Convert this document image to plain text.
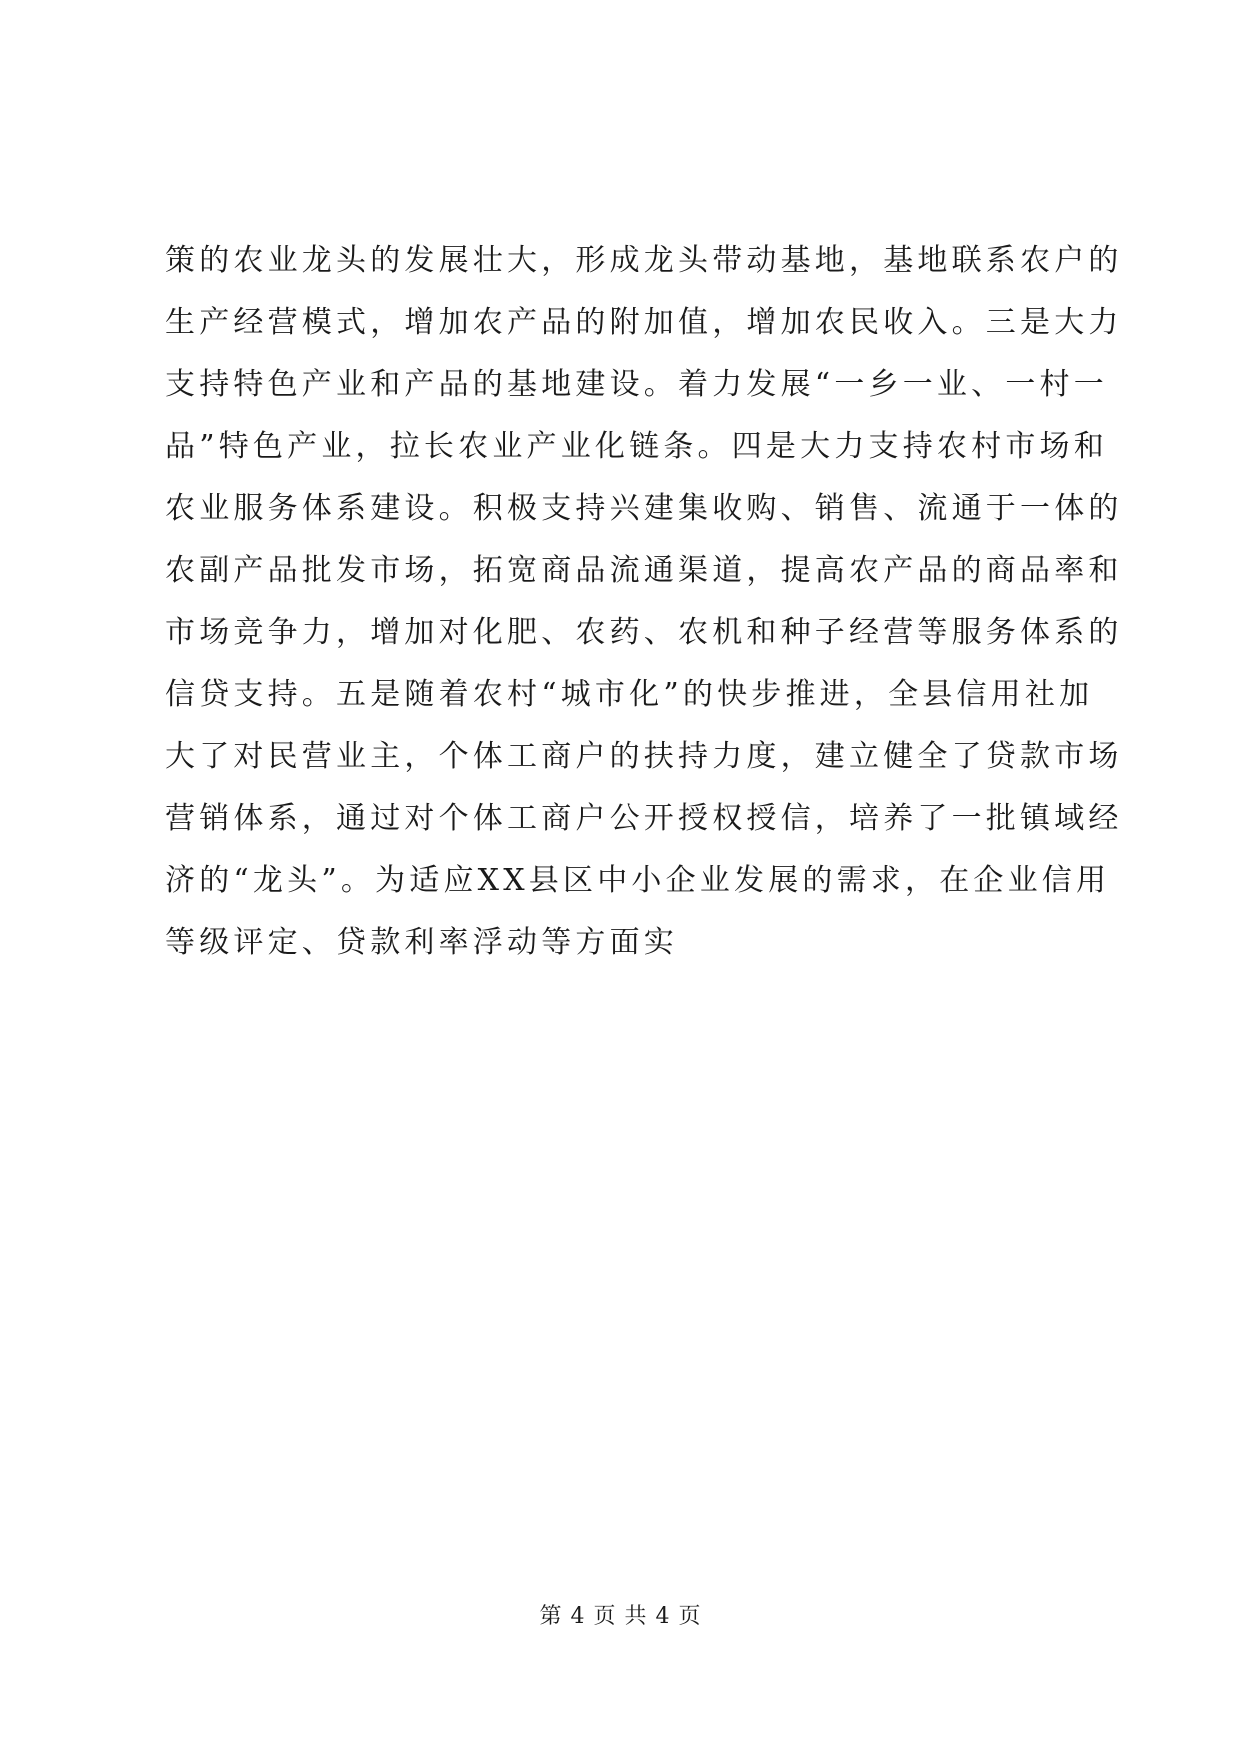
策的农业龙头的发展壮大，形成龙头带动基地，基地联系农户的
生产经营模式，增加农产品的附加值，增加农民收入。三是大力
支持特色产业和产品的基地建设。着力发展“一乡一业、一村一
品”特色产业，拉长农业产业化链条。四是大力支持农村市场和
农业服务体系建设。积极支持兴建集收购、销售、流通于一体的
农副产品批发市场，拓宽商品流通渠道，提高农产品的商品率和
市场竞争力，增加对化肥、农药、农机和种子经营等服务体系的
信贷支持。五是随着农村“城市化”的快步推进，全县信用社加
大了对民营业主，个体工商户的扶持力度，建立健全了贷款市场
营销体系，通过对个体工商户公开授权授信，培养了一批镇域经
济的“龙头”。为适应XX县区中小企业发展的需求，在企业信用
等级评定、贷款利率浮动等方面实
第 4 页 共 4 页
